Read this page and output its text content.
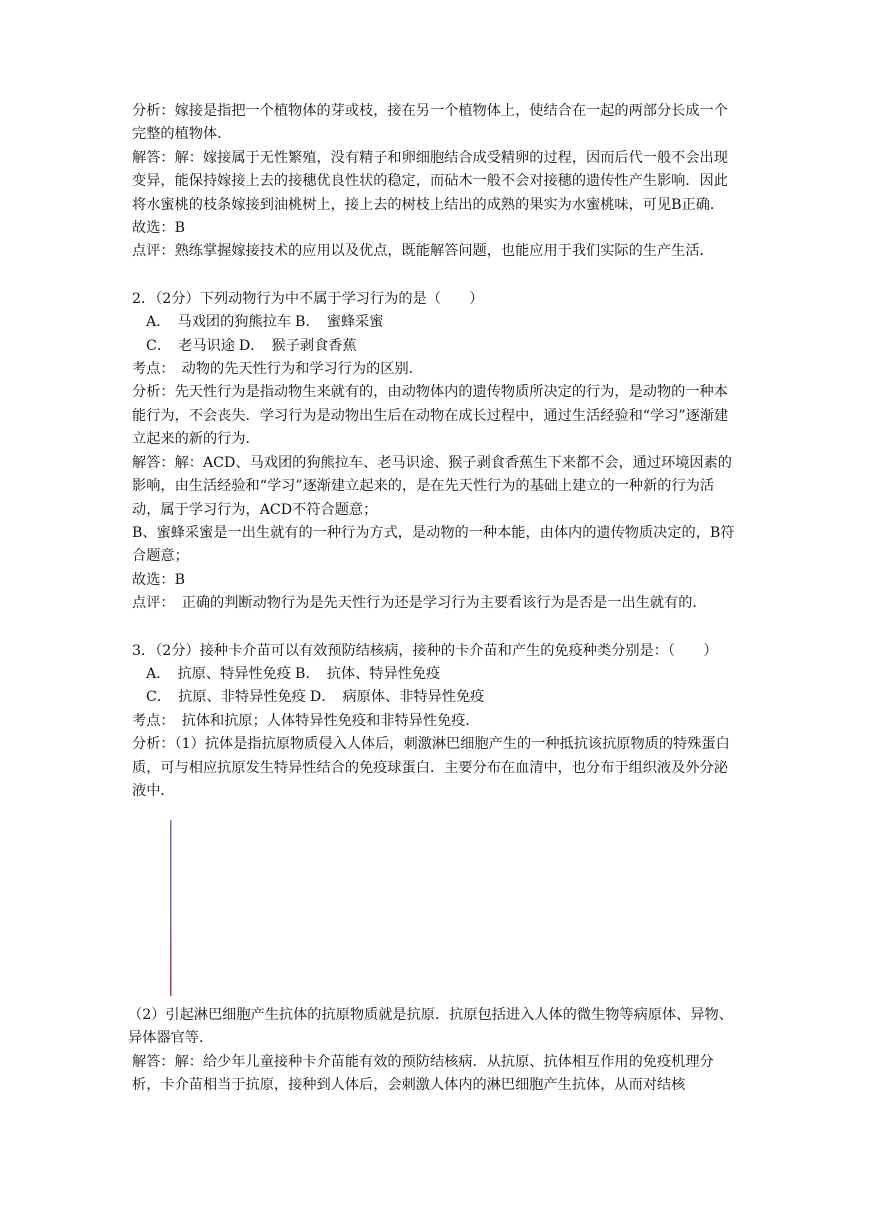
分析：嫁接是指把一个植物体的芽或枝，接在另一个植物体上，使结合在一起的两部分长成一个完整的植物体．

解答：解：嫁接属于无性繁殖，没有精子和卵细胞结合成受精卵的过程，因而后代一般不会出现变异，能保持嫁接上去的接穗优良性状的稳定，而砧木一般不会对接穗的遗传性产生影响．因此将水蜜桃的枝条嫁接到油桃树上，接上去的树枝上结出的成熟的果实为水蜜桃味，可见B正确．

故选：B

点评：熟练掌握嫁接技术的应用以及优点，既能解答问题，也能应用于我们实际的生产生活．

2．（2分）下列动物行为中不属于学习行为的是（　　）

A．　马戏团的狗熊拉车 B．　蜜蜂采蜜
C．　老马识途 D．　猴子剥食香蕉

考点：　动物的先天性行为和学习行为的区别．

分析：先天性行为是指动物生来就有的，由动物体内的遗传物质所决定的行为，是动物的一种本能行为，不会丧失．学习行为是动物出生后在动物在成长过程中，通过生活经验和“学习”逐渐建立起来的新的行为．

解答：解：ACD、马戏团的狗熊拉车、老马识途、猴子剥食香蕉生下来都不会，通过环境因素的影响，由生活经验和“学习”逐渐建立起来的，是在先天性行为的基础上建立的一种新的行为活动，属于学习行为，ACD不符合题意；

B、蜜蜂采蜜是一出生就有的一种行为方式，是动物的一种本能，由体内的遗传物质决定的，B符合题意；

故选：B

点评：　正确的判断动物行为是先天性行为还是学习行为主要看该行为是否是一出生就有的．

3．（2分）接种卡介苗可以有效预防结核病，接种的卡介苗和产生的免疫种类分别是：（　　）

A．　抗原、特异性免疫 B．　抗体、特异性免疫
C．　抗原、非特异性免疫 D．　病原体、非特异性免疫

考点：　抗体和抗原；人体特异性免疫和非特异性免疫．

分析：（1）抗体是指抗原物质侵入人体后，刺激淋巴细胞产生的一种抵抗该抗原物质的特殊蛋白质，可与相应抗原发生特异性结合的免疫球蛋白．主要分布在血清中，也分布于组织液及外分泌液中．

（2）引起淋巴细胞产生抗体的抗原物质就是抗原．抗原包括进入人体的微生物等病原体、异物、异体器官等．

解答：解：给少年儿童接种卡介苗能有效的预防结核病．从抗原、抗体相互作用的免疫机理分析，卡介苗相当于抗原，接种到人体后，会刺激人体内的淋巴细胞产生抗体，从而对结核
